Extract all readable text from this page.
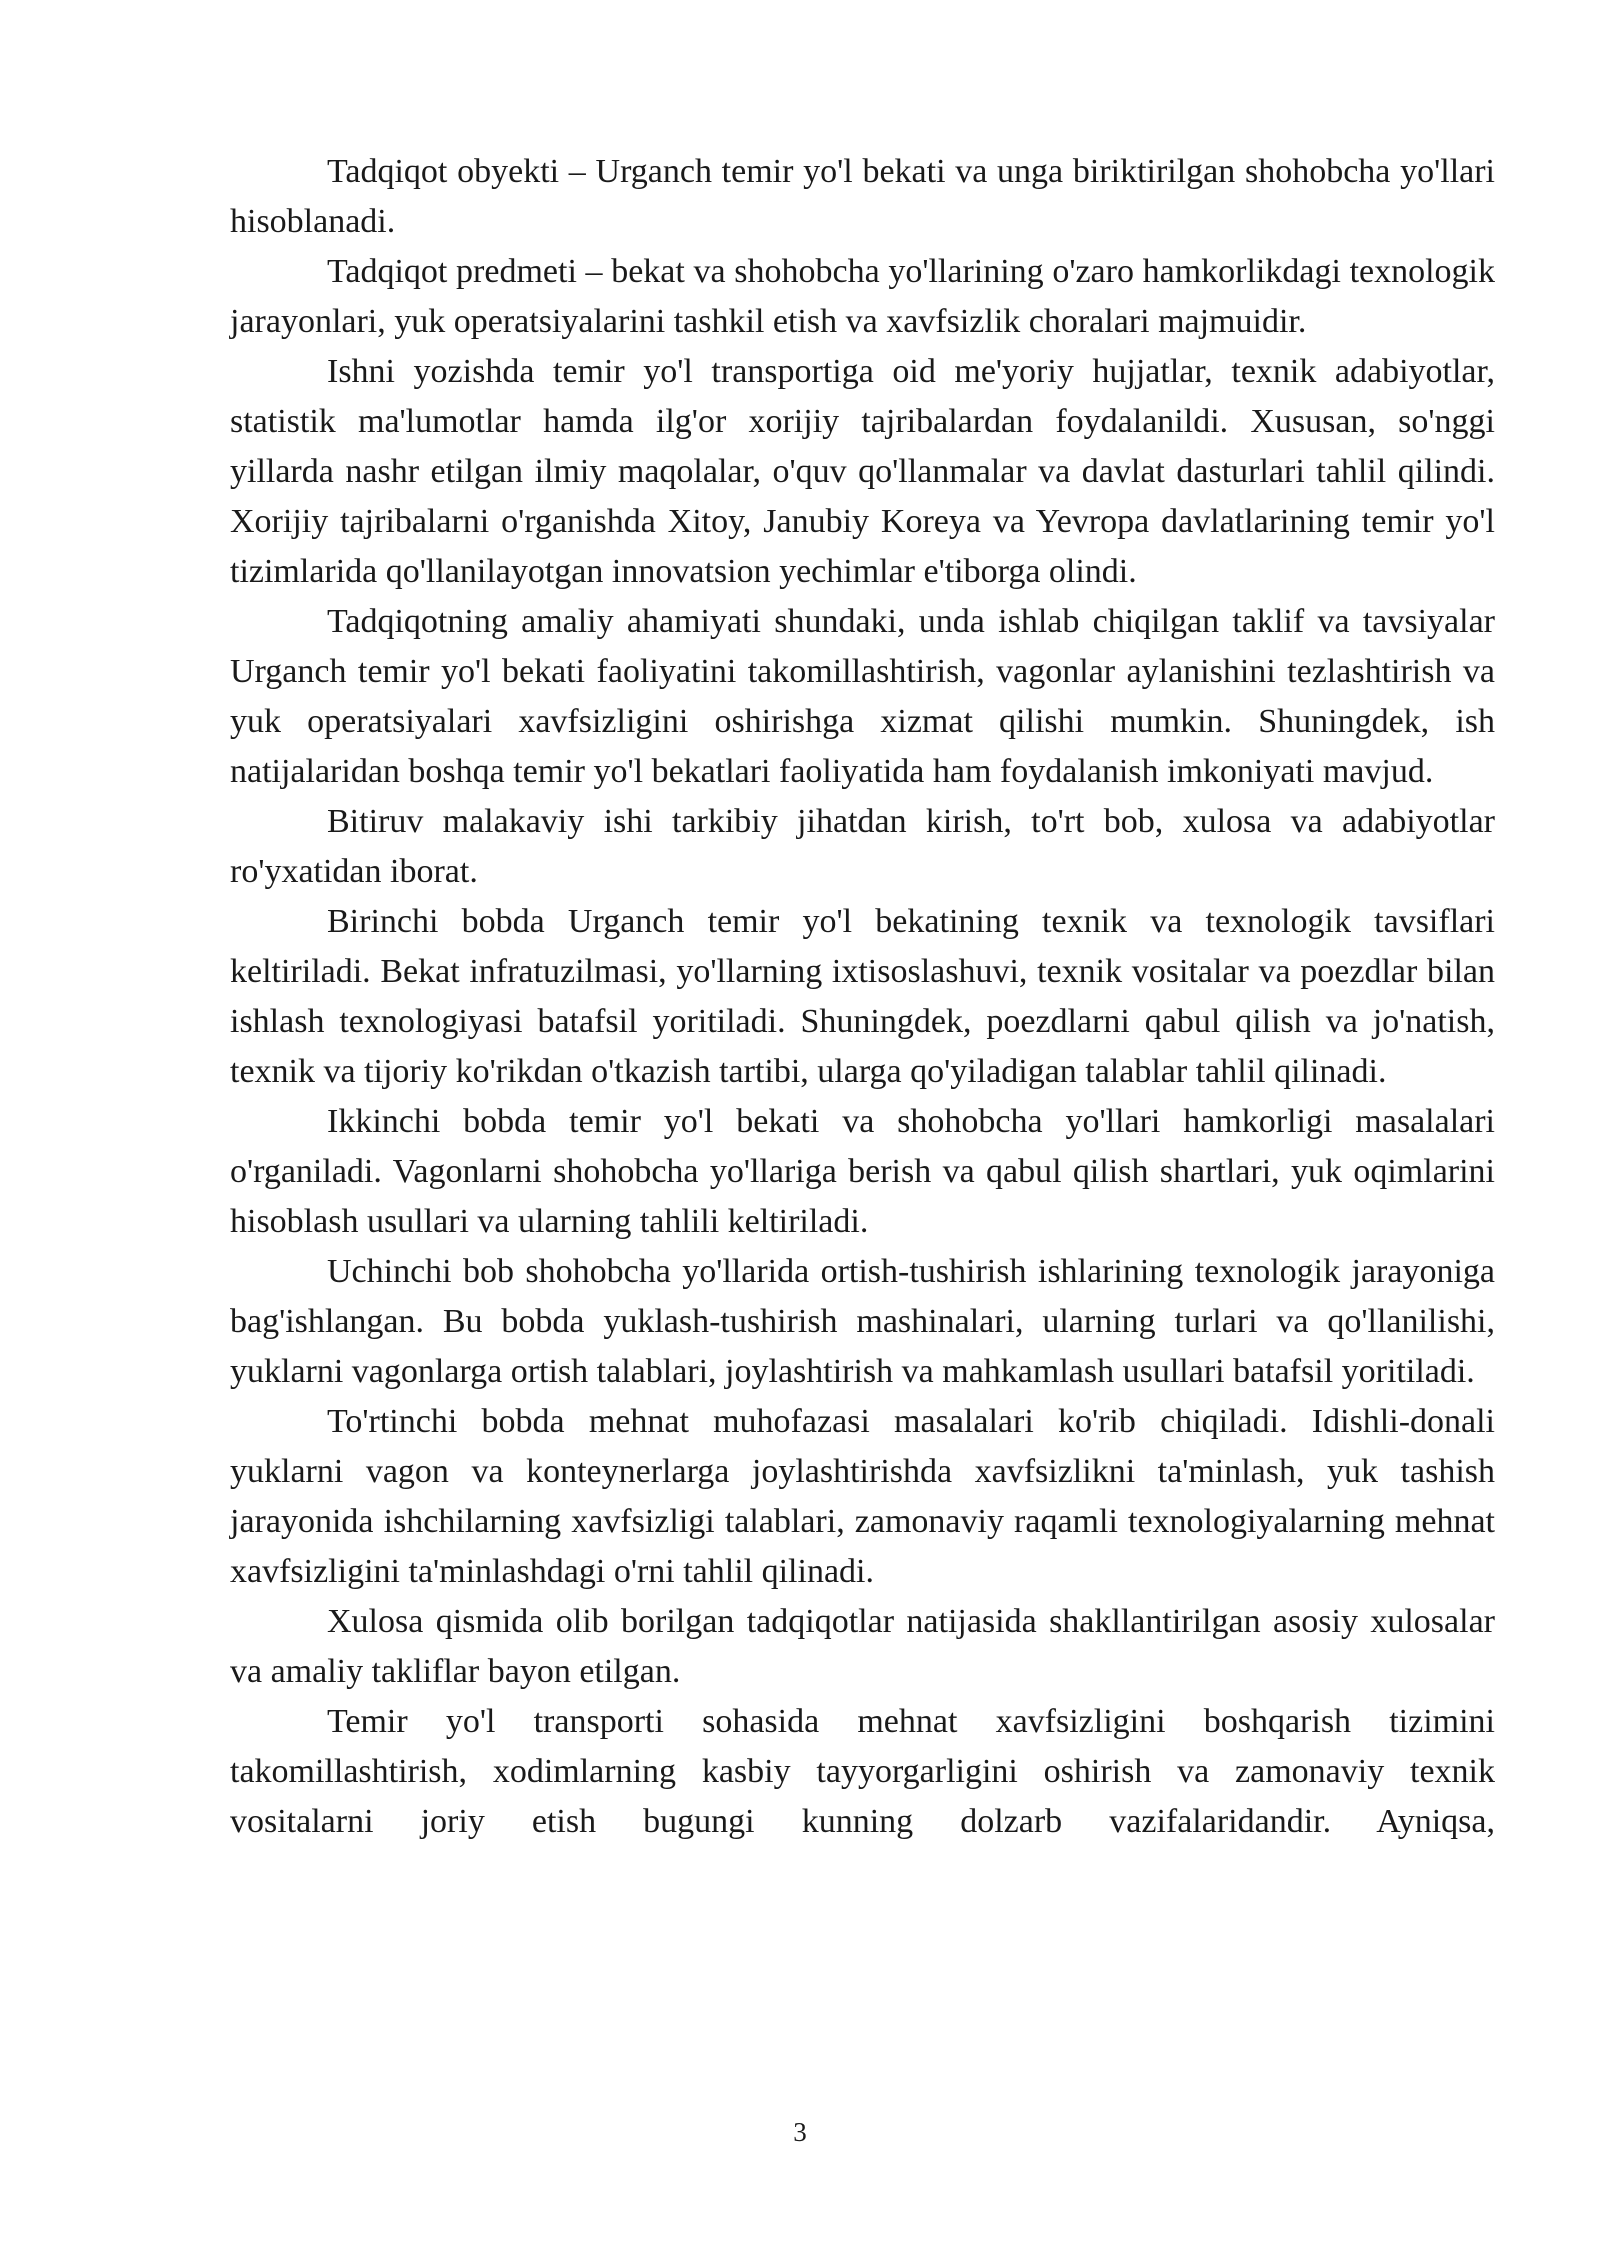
Tadqiqot obyekti – Urganch temir yo'l bekati va unga biriktirilgan shohobcha yo'llari hisoblanadi.

Tadqiqot predmeti – bekat va shohobcha yo'llarining o'zaro hamkorlikdagi texnologik jarayonlari, yuk operatsiyalarini tashkil etish va xavfsizlik choralari majmuidir.

Ishni yozishda temir yo'l transportiga oid me'yoriy hujjatlar, texnik adabiyotlar, statistik ma'lumotlar hamda ilg'or xorijiy tajribalardan foydalanildi. Xususan, so'nggi yillarda nashr etilgan ilmiy maqolalar, o'quv qo'llanmalar va davlat dasturlari tahlil qilindi. Xorijiy tajribalarni o'rganishda Xitoy, Janubiy Koreya va Yevropa davlatlarining temir yo'l tizimlarida qo'llanilayotgan innovatsion yechimlar e'tiborga olindi.

Tadqiqotning amaliy ahamiyati shundaki, unda ishlab chiqilgan taklif va tavsiyalar Urganch temir yo'l bekati faoliyatini takomillashtirish, vagonlar aylanishini tezlashtirish va yuk operatsiyalari xavfsizligini oshirishga xizmat qilishi mumkin. Shuningdek, ish natijalaridan boshqa temir yo'l bekatlari faoliyatida ham foydalanish imkoniyati mavjud.

Bitiruv malakaviy ishi tarkibiy jihatdan kirish, to'rt bob, xulosa va adabiyotlar ro'yxatidan iborat.

Birinchi bobda Urganch temir yo'l bekatining texnik va texnologik tavsiflari keltiriladi. Bekat infratuzilmasi, yo'llarning ixtisoslashuvi, texnik vositalar va poezdlar bilan ishlash texnologiyasi batafsil yoritiladi. Shuningdek, poezdlarni qabul qilish va jo'natish, texnik va tijoriy ko'rikdan o'tkazish tartibi, ularga qo'yiladigan talablar tahlil qilinadi.

Ikkinchi bobda temir yo'l bekati va shohobcha yo'llari hamkorligi masalalari o'rganiladi. Vagonlarni shohobcha yo'llariga berish va qabul qilish shartlari, yuk oqimlarini hisoblash usullari va ularning tahlili keltiriladi.

Uchinchi bob shohobcha yo'llarida ortish-tushirish ishlarining texnologik jarayoniga bag'ishlangan. Bu bobda yuklash-tushirish mashinalari, ularning turlari va qo'llanilishi, yuklarni vagonlarga ortish talablari, joylashtirish va mahkamlash usullari batafsil yoritiladi.

To'rtinchi bobda mehnat muhofazasi masalalari ko'rib chiqiladi. Idishli-donali yuklarni vagon va konteynerlarga joylashtirishda xavfsizlikni ta'minlash, yuk tashish jarayonida ishchilarning xavfsizligi talablari, zamonaviy raqamli texnologiyalarning mehnat xavfsizligini ta'minlashdagi o'rni tahlil qilinadi.

Xulosa qismida olib borilgan tadqiqotlar natijasida shakllantirilgan asosiy xulosalar va amaliy takliflar bayon etilgan.

Temir yo'l transporti sohasida mehnat xavfsizligini boshqarish tizimini takomillashtirish, xodimlarning kasbiy tayyorgarligini oshirish va zamonaviy texnik vositalarni joriy etish bugungi kunning dolzarb vazifalaridandir. Ayniqsa,

3
